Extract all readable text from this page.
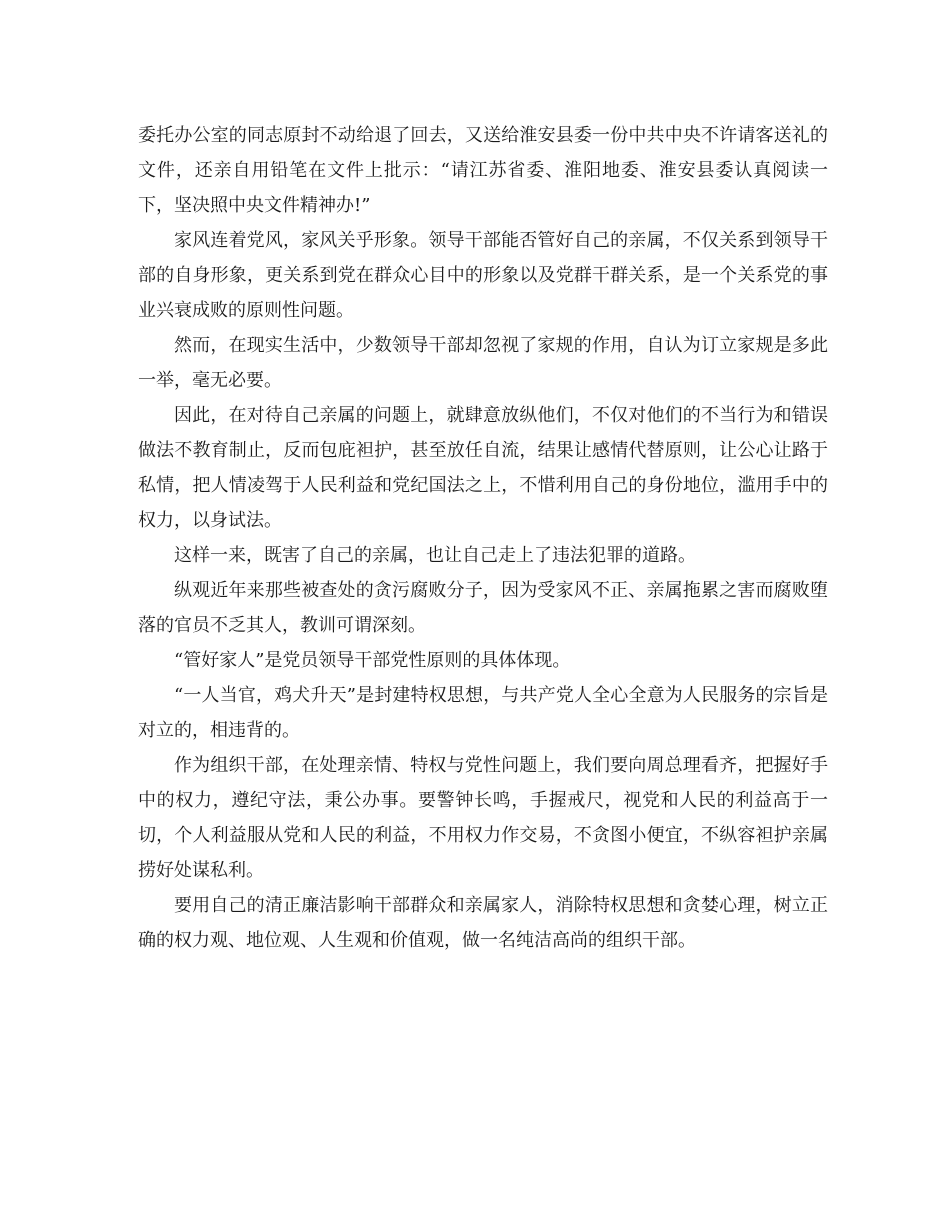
委托办公室的同志原封不动给退了回去，又送给淮安县委一份中共中央不许请客送礼的文件，还亲自用铅笔在文件上批示：“请江苏省委、淮阳地委、淮安县委认真阅读一下，坚决照中央文件精神办!”

家风连着党风，家风关乎形象。领导干部能否管好自己的亲属，不仅关系到领导干部的自身形象，更关系到党在群众心目中的形象以及党群干群关系，是一个关系党的事业兴衰成败的原则性问题。

然而，在现实生活中，少数领导干部却忽视了家规的作用，自认为订立家规是多此一举，毫无必要。

因此，在对待自己亲属的问题上，就肆意放纵他们，不仅对他们的不当行为和错误做法不教育制止，反而包庇袒护，甚至放任自流，结果让感情代替原则，让公心让路于私情，把人情凌驾于人民利益和党纪国法之上，不惜利用自己的身份地位，滥用手中的权力，以身试法。

这样一来，既害了自己的亲属，也让自己走上了违法犯罪的道路。

纵观近年来那些被查处的贪污腐败分子，因为受家风不正、亲属拖累之害而腐败堕落的官员不乏其人，教训可谓深刻。

“管好家人”是党员领导干部党性原则的具体体现。

“一人当官，鸡犬升天”是封建特权思想，与共产党人全心全意为人民服务的宗旨是对立的，相违背的。

作为组织干部，在处理亲情、特权与党性问题上，我们要向周总理看齐，把握好手中的权力，遵纪守法，秉公办事。要警钟长鸣，手握戒尺，视党和人民的利益高于一切，个人利益服从党和人民的利益，不用权力作交易，不贪图小便宜，不纵容袒护亲属捞好处谋私利。

要用自己的清正廉洁影响干部群众和亲属家人，消除特权思想和贪婪心理，树立正确的权力观、地位观、人生观和价值观，做一名纯洁高尚的组织干部。
